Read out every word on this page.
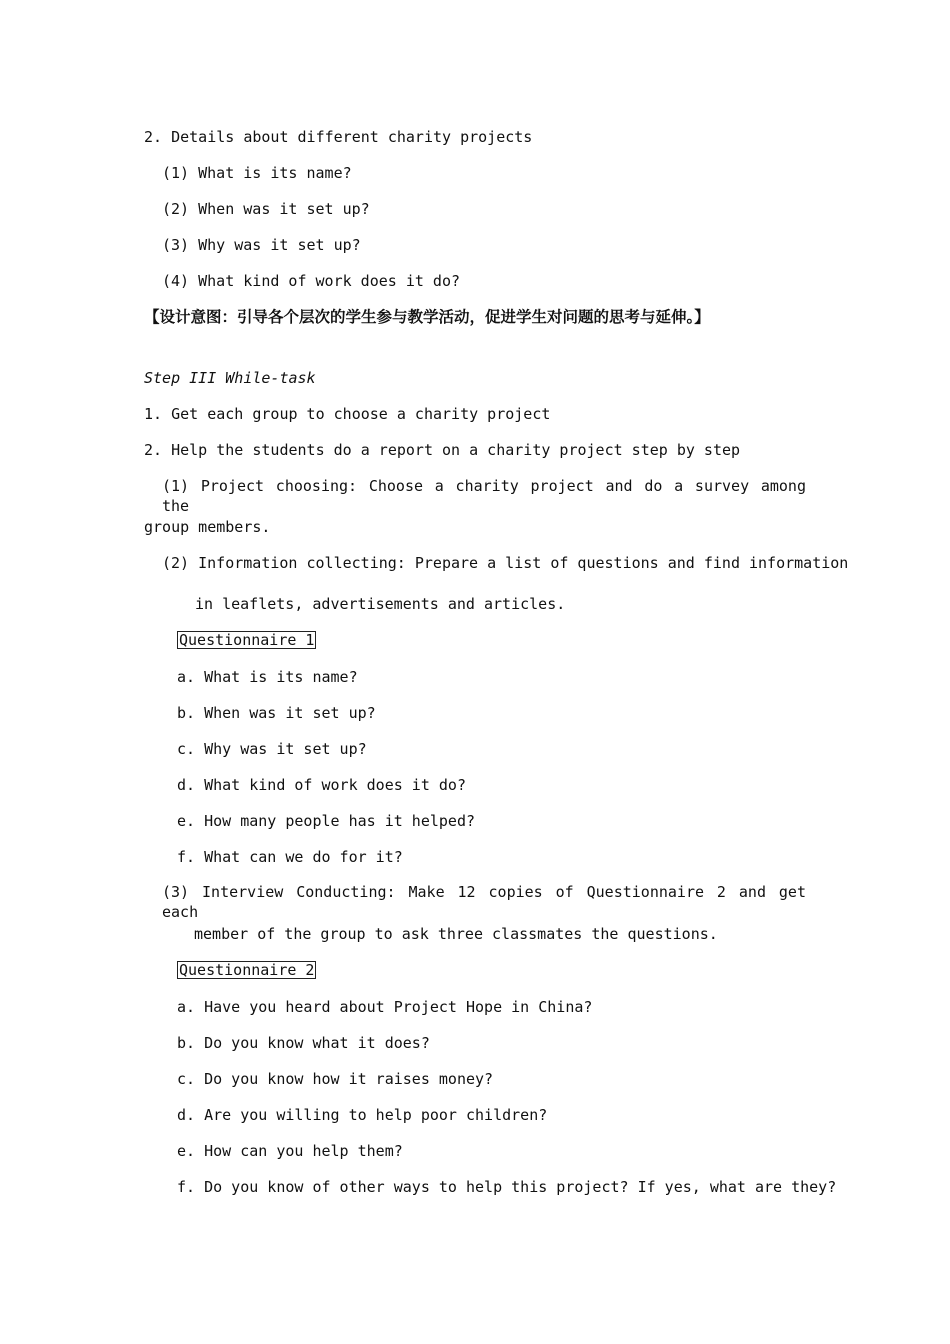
2. Details about different charity projects
(1) What is its name?
(2) When was it set up?
(3) Why was it set up?
(4) What kind of work does it do?
【设计意图：引导各个层次的学生参与教学活动，促进学生对问题的思考与延伸。】
Step III While-task
1. Get each group to choose a charity project
2. Help the students do a report on a charity project step by step
(1) Project choosing: Choose a charity project and do a survey among the
group members.
(2) Information collecting: Prepare a list of questions and find information
in leaflets, advertisements and articles.
Questionnaire 1
a. What is its name?
b. When was it set up?
c. Why was it set up?
d. What kind of work does it do?
e. How many people has it helped?
f. What can we do for it?
(3) Interview Conducting: Make 12 copies of Questionnaire 2 and get each
member of the group to ask three classmates the questions.
Questionnaire 2
a. Have you heard about Project Hope in China?
b. Do you know what it does?
c. Do you know how it raises money?
d. Are you willing to help poor children?
e. How can you help them?
f. Do you know of other ways to help this project? If yes, what are they?
